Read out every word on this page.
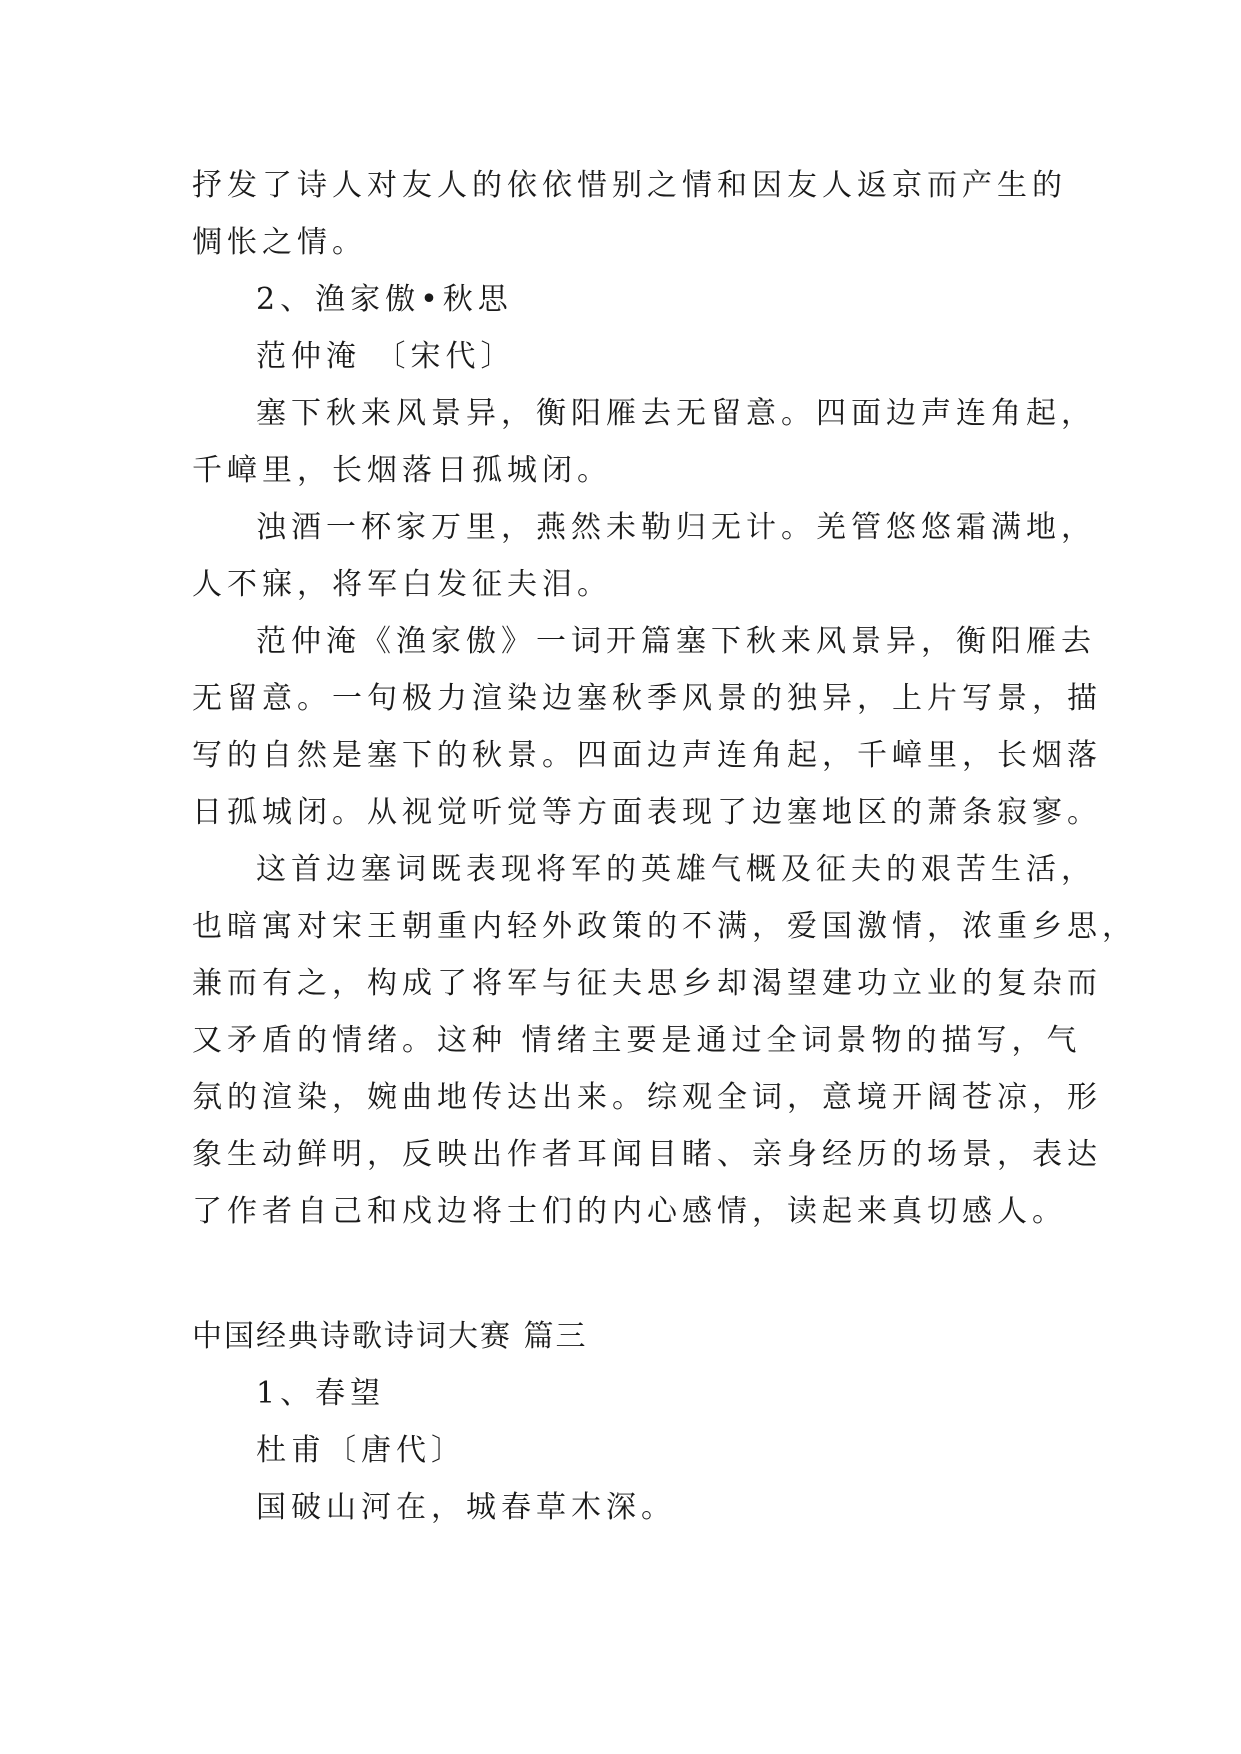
抒发了诗人对友人的依依惜别之情和因友人返京而产生的
惆怅之情。
2、渔家傲•秋思
范仲淹 〔宋代〕
塞下秋来风景异，衡阳雁去无留意。四面边声连角起，
千嶂里，长烟落日孤城闭。
浊酒一杯家万里，燕然未勒归无计。羌管悠悠霜满地，
人不寐，将军白发征夫泪。
范仲淹《渔家傲》一词开篇塞下秋来风景异，衡阳雁去
无留意。一句极力渲染边塞秋季风景的独异，上片写景，描
写的自然是塞下的秋景。四面边声连角起，千嶂里，长烟落
日孤城闭。从视觉听觉等方面表现了边塞地区的萧条寂寥。
这首边塞词既表现将军的英雄气概及征夫的艰苦生活，
也暗寓对宋王朝重内轻外政策的不满，爱国激情，浓重乡思，
兼而有之，构成了将军与征夫思乡却渴望建功立业的复杂而
又矛盾的情绪。这种 情绪主要是通过全词景物的描写，气
氛的渲染，婉曲地传达出来。综观全词，意境开阔苍凉，形
象生动鲜明，反映出作者耳闻目睹、亲身经历的场景，表达
了作者自己和戍边将士们的内心感情，读起来真切感人。
中国经典诗歌诗词大赛 篇三
1、春望
杜甫〔唐代〕
国破山河在，城春草木深。
